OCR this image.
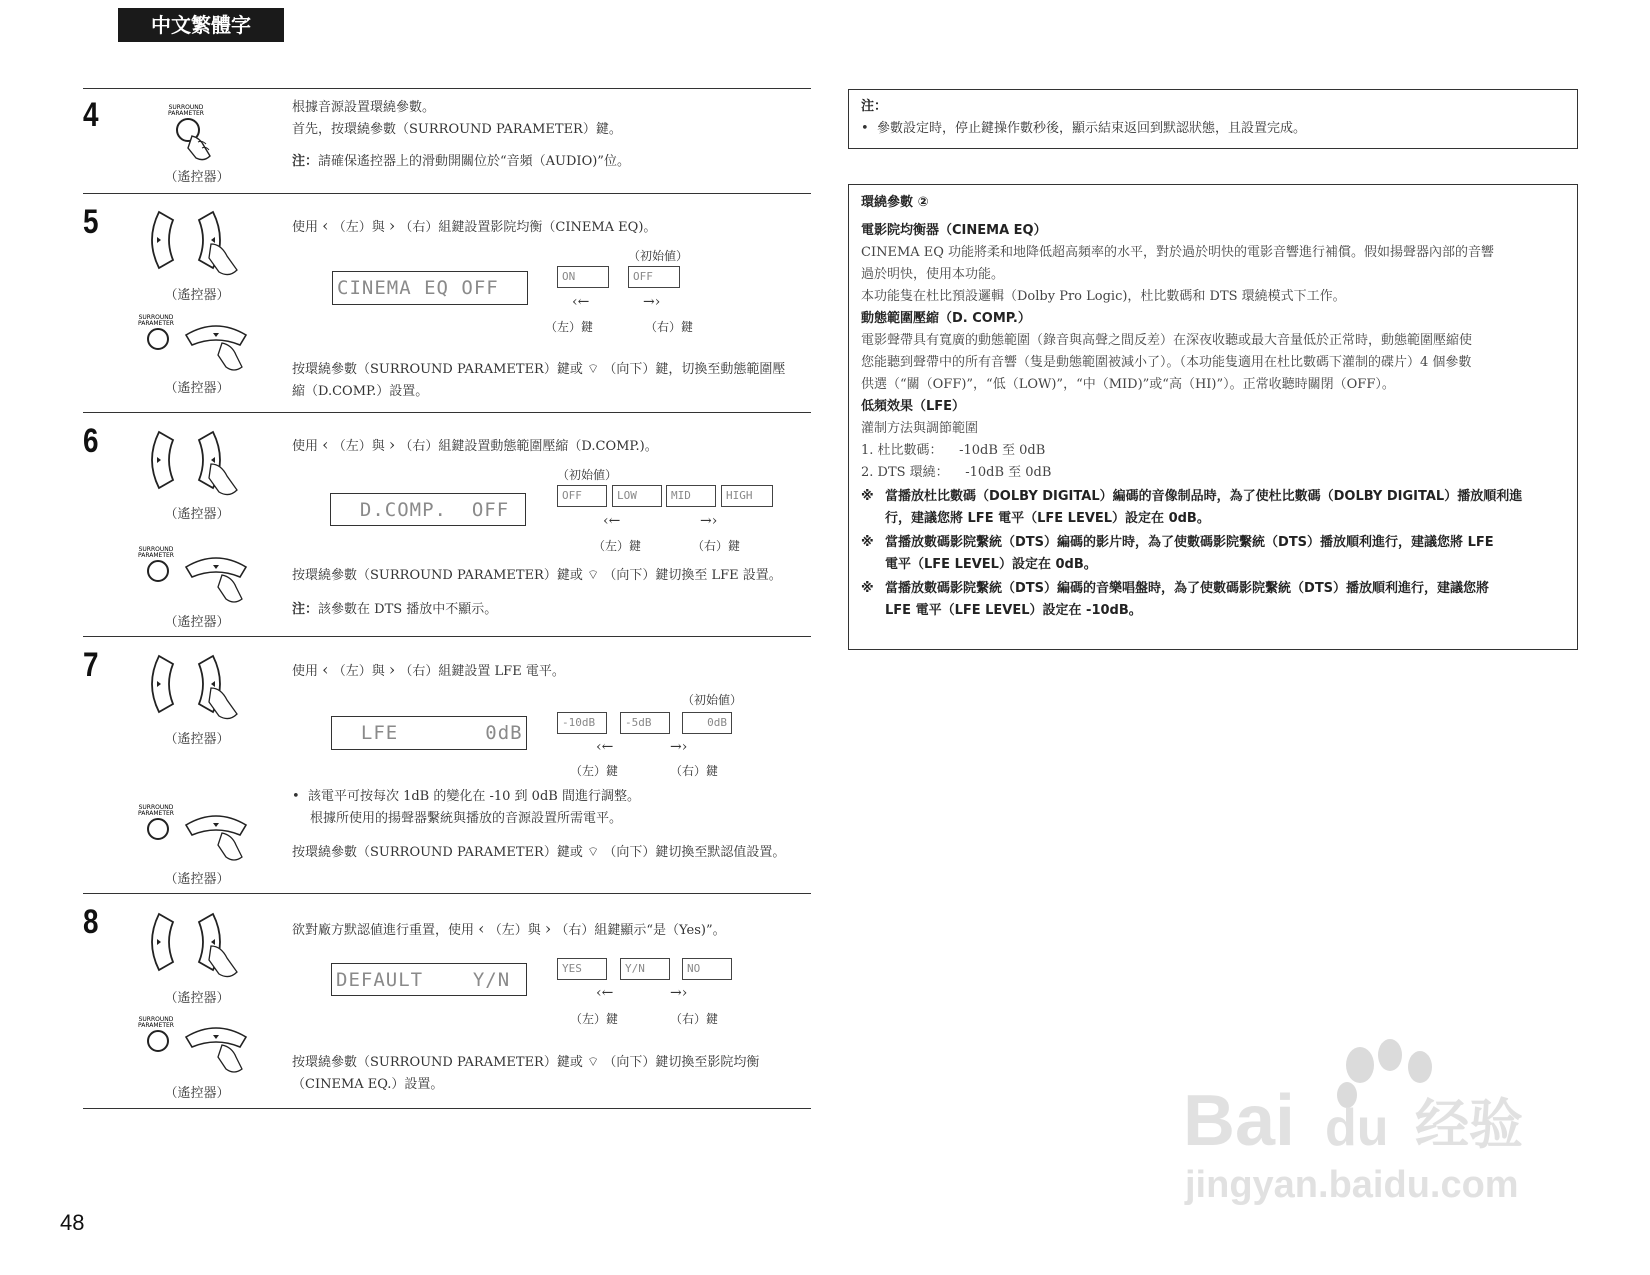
中文繁體字
4	SURROUND
PARAMETER
（遙控器）
根據音源設置環繞參數。
首先，按環繞參數（SURROUND PARAMETER）鍵。
注：請確保遙控器上的滑動開關位於“音頻（AUDIO)”位。
5
（遙控器）
SURROUND
PARAMETER
（遙控器）
使用 ‹ （左）與 › （右）組鍵設置影院均衡（CINEMA EQ)。
CINEMA EQ OFF
（初始値）
ON	OFF
‹←	→›
（左）鍵	（右）鍵
按環繞參數（SURROUND PARAMETER）鍵或 ⌔ （向下）鍵，切換至動態範圍壓
縮（D.COMP.）設置。
6
（遙控器）
SURROUND
PARAMETER
（遙控器）
使用 ‹ （左）與 › （右）組鍵設置動態範圍壓縮（D.COMP.)。
D.COMP.  OFF
（初始値）
OFF	LOW	MID	HIGH
‹←	→›
（左）鍵	（右）鍵
按環繞參數（SURROUND PARAMETER）鍵或 ⌔ （向下）鍵切換至 LFE 設置。
注：該參數在 DTS 播放中不顯示。
7
（遙控器）
SURROUND
PARAMETER
（遙控器）
使用 ‹ （左）與 › （右）組鍵設置 LFE 電平。
LFE       0dB
（初始値）
-10dB	-5dB	0dB
‹←	→›
（左）鍵	（右）鍵
•  該電平可按每次 1dB 的變化在 -10 到 0dB 間進行調整。
根據所使用的揚聲器繫統與播放的音源設置所需電平。
按環繞參數（SURROUND PARAMETER）鍵或 ⌔ （向下）鍵切換至默認值設置。
8
（遙控器）
SURROUND
PARAMETER
（遙控器）
欲對廠方默認値進行重置，使用 ‹ （左）與 › （右）組鍵顯示“是（Yes)”。
DEFAULT    Y/N	YES	Y/N	NO
‹←	→›
（左）鍵	（右）鍵
按環繞參數（SURROUND PARAMETER）鍵或 ⌔ （向下）鍵切換至影院均衡
（CINEMA EQ.）設置。
注：
•  參數設定時，停止鍵操作數秒後，顯示結束返回到默認狀態，且設置完成。
環繞參數 ②
電影院均衡器（CINEMA EQ）
CINEMA EQ 功能將柔和地降低超高頻率的水平，對於過於明快的電影音響進行補償。假如揚聲器內部的音響
過於明快，使用本功能。
本功能隻在杜比預設邏輯（Dolby Pro Logic)，杜比數碼和 DTS 環繞模式下工作。
動態範圍壓縮（D. COMP.）
電影聲帶具有寬廣的動態範圍（錄音與高聲之間反差）在深夜收聽或最大音量低於正常時，動態範圍壓縮使
您能聽到聲帶中的所有音響（隻是動態範圍被減小了）。（本功能隻適用在杜比數碼下灌制的碟片）4 個參數
供選（“關（OFF)”，“低（LOW)”，“中（MID)”或“高（HI)”）。正常收聽時關閉（OFF）。
低頻效果（LFE）
灌制方法與調節範圍
1. 杜比數碼：    -10dB 至 0dB
2. DTS 環繞：    -10dB 至 0dB
※ 當播放杜比數碼（DOLBY DIGITAL）編碼的音像制品時，為了使杜比數碼（DOLBY DIGITAL）播放順利進
行，建議您將 LFE 電平（LFE LEVEL）設定在 0dB。
※ 當播放數碼影院繫統（DTS）編碼的影片時，為了使數碼影院繫統（DTS）播放順利進行，建議您將 LFE
電平（LFE LEVEL）設定在 0dB。
※ 當播放數碼影院繫統（DTS）編碼的音樂唱盤時，為了使數碼影院繫統（DTS）播放順利進行，建議您將
LFE 電平（LFE LEVEL）設定在 -10dB。
48
Bai du 经验
jingyan.baidu.com
